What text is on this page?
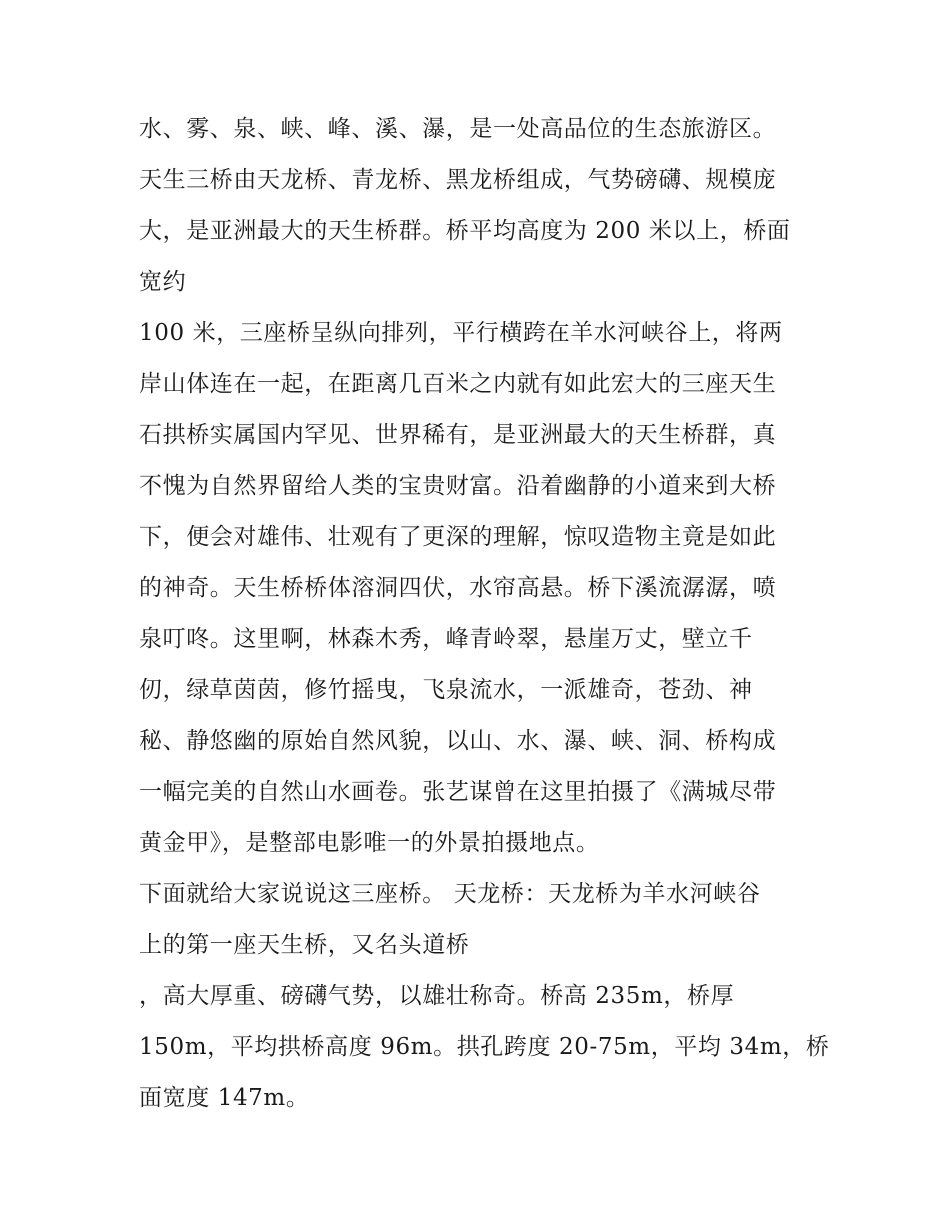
水、雾、泉、峡、峰、溪、瀑，是一处高品位的生态旅游区。
天生三桥由天龙桥、青龙桥、黑龙桥组成，气势磅礴、规模庞
大，是亚洲最大的天生桥群。桥平均高度为 200 米以上，桥面
宽约
100 米，三座桥呈纵向排列，平行横跨在羊水河峡谷上，将两
岸山体连在一起，在距离几百米之内就有如此宏大的三座天生
石拱桥实属国内罕见、世界稀有，是亚洲最大的天生桥群，真
不愧为自然界留给人类的宝贵财富。沿着幽静的小道来到大桥
下，便会对雄伟、壮观有了更深的理解，惊叹造物主竟是如此
的神奇。天生桥桥体溶洞四伏，水帘高悬。桥下溪流潺潺，喷
泉叮咚。这里啊，林森木秀，峰青岭翠，悬崖万丈，壁立千
仞，绿草茵茵，修竹摇曳，飞泉流水，一派雄奇，苍劲、神
秘、静悠幽的原始自然风貌，以山、水、瀑、峡、洞、桥构成
一幅完美的自然山水画卷。张艺谋曾在这里拍摄了《满城尽带
黄金甲》，是整部电影唯一的外景拍摄地点。
下面就给大家说说这三座桥。 天龙桥：天龙桥为羊水河峡谷
上的第一座天生桥，又名头道桥
，高大厚重、磅礴气势，以雄壮称奇。桥高 235m，桥厚
150m，平均拱桥高度 96m。拱孔跨度 20-75m，平均 34m，桥
面宽度 147m。
